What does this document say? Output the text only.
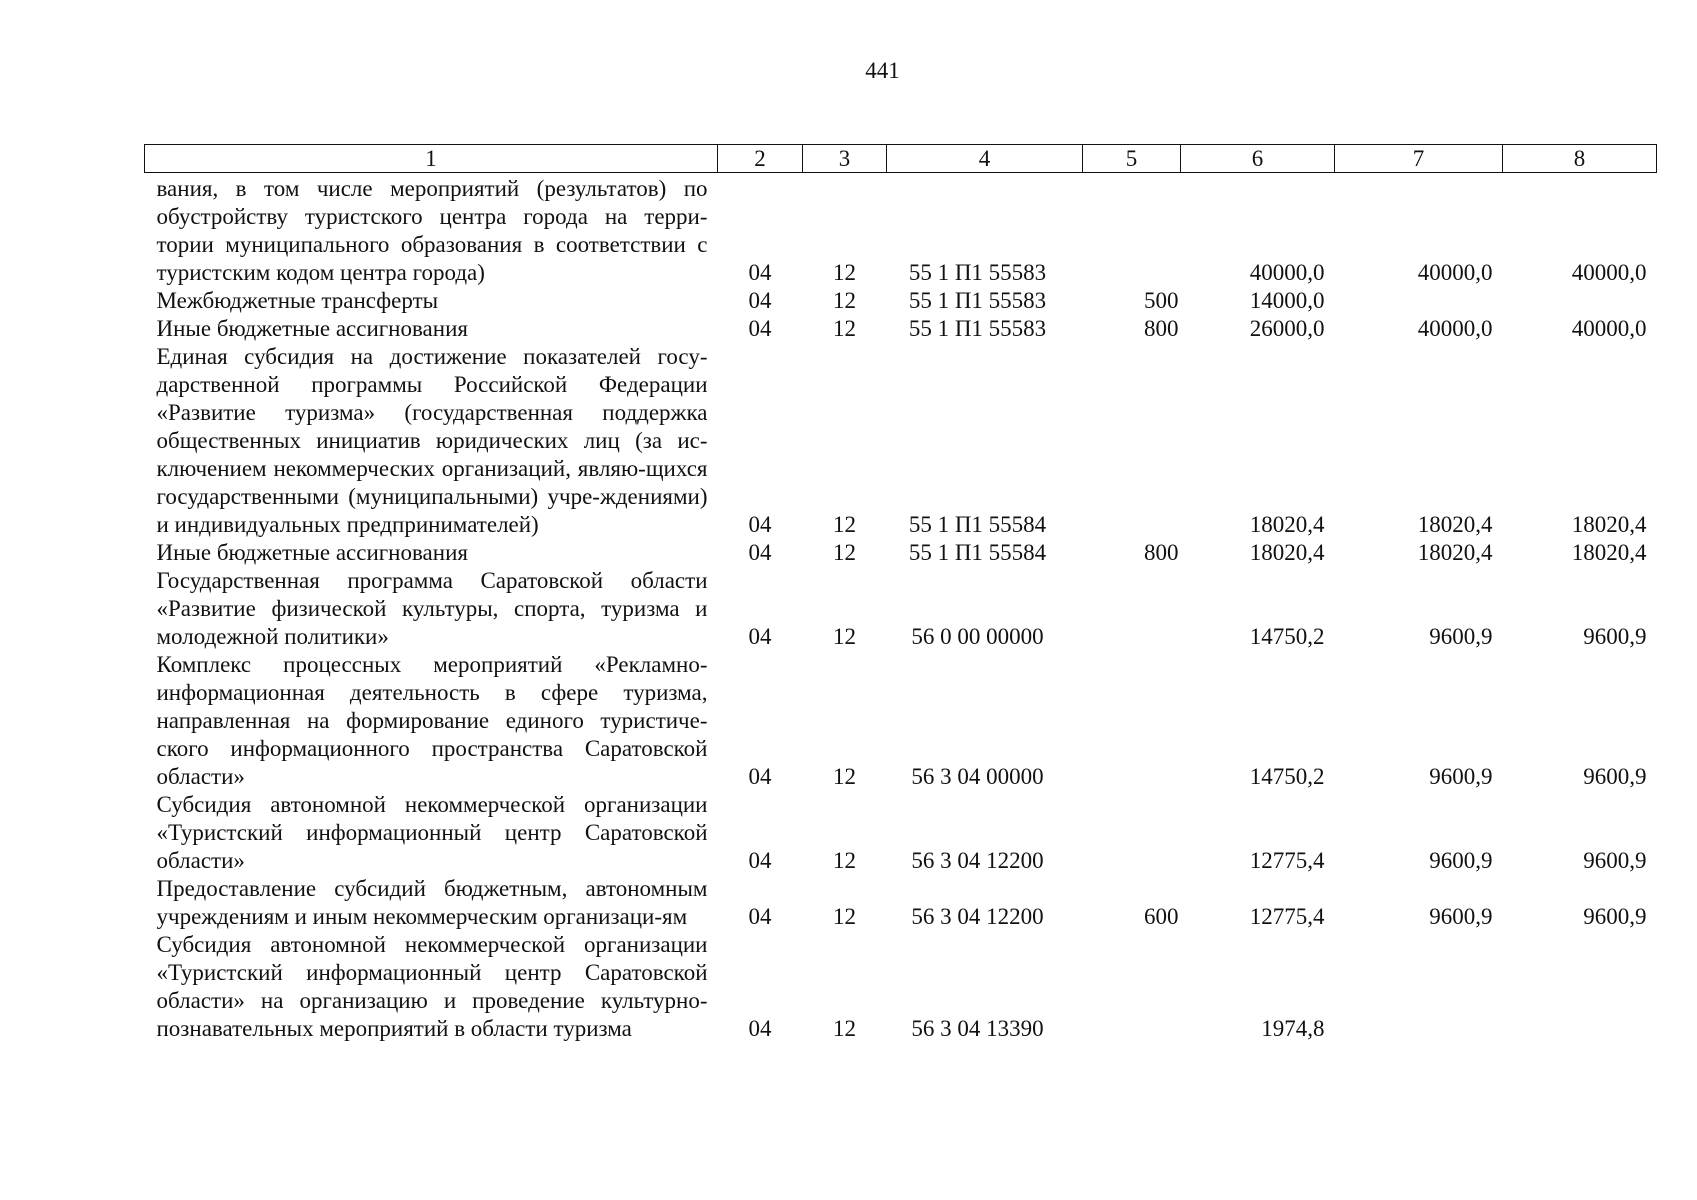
441
1	2	3	4	5	6	7	8
вания, в том числе мероприятий (результатов) по обустройству туристского центра города на терри-тории муниципального образования в соответствии с туристским кодом центра города)	04	12	55 1 П1 55583		40000,0	40000,0	40000,0
Межбюджетные трансферты	04	12	55 1 П1 55583	500	14000,0		
Иные бюджетные ассигнования	04	12	55 1 П1 55583	800	26000,0	40000,0	40000,0
Единая субсидия на достижение показателей госу-дарственной программы Российской Федерации «Развитие туризма» (государственная поддержка общественных инициатив юридических лиц (за ис-ключением некоммерческих организаций, являю-щихся государственными (муниципальными) учре-ждениями) и индивидуальных предпринимателей)	04	12	55 1 П1 55584		18020,4	18020,4	18020,4
Иные бюджетные ассигнования	04	12	55 1 П1 55584	800	18020,4	18020,4	18020,4
Государственная программа Саратовской области «Развитие физической культуры, спорта, туризма и молодежной политики»	04	12	56 0 00 00000		14750,2	9600,9	9600,9
Комплекс процессных мероприятий «Рекламно-информационная деятельность в сфере туризма, направленная на формирование единого туристиче-ского информационного пространства Саратовской области»	04	12	56 3 04 00000		14750,2	9600,9	9600,9
Субсидия автономной некоммерческой организации «Туристский информационный центр Саратовской области»	04	12	56 3 04 12200		12775,4	9600,9	9600,9
Предоставление субсидий бюджетным, автономным учреждениям и иным некоммерческим организаци-ям	04	12	56 3 04 12200	600	12775,4	9600,9	9600,9
Субсидия автономной некоммерческой организации «Туристский информационный центр Саратовской области» на организацию и проведение культурно-познавательных мероприятий в области туризма	04	12	56 3 04 13390		1974,8		
